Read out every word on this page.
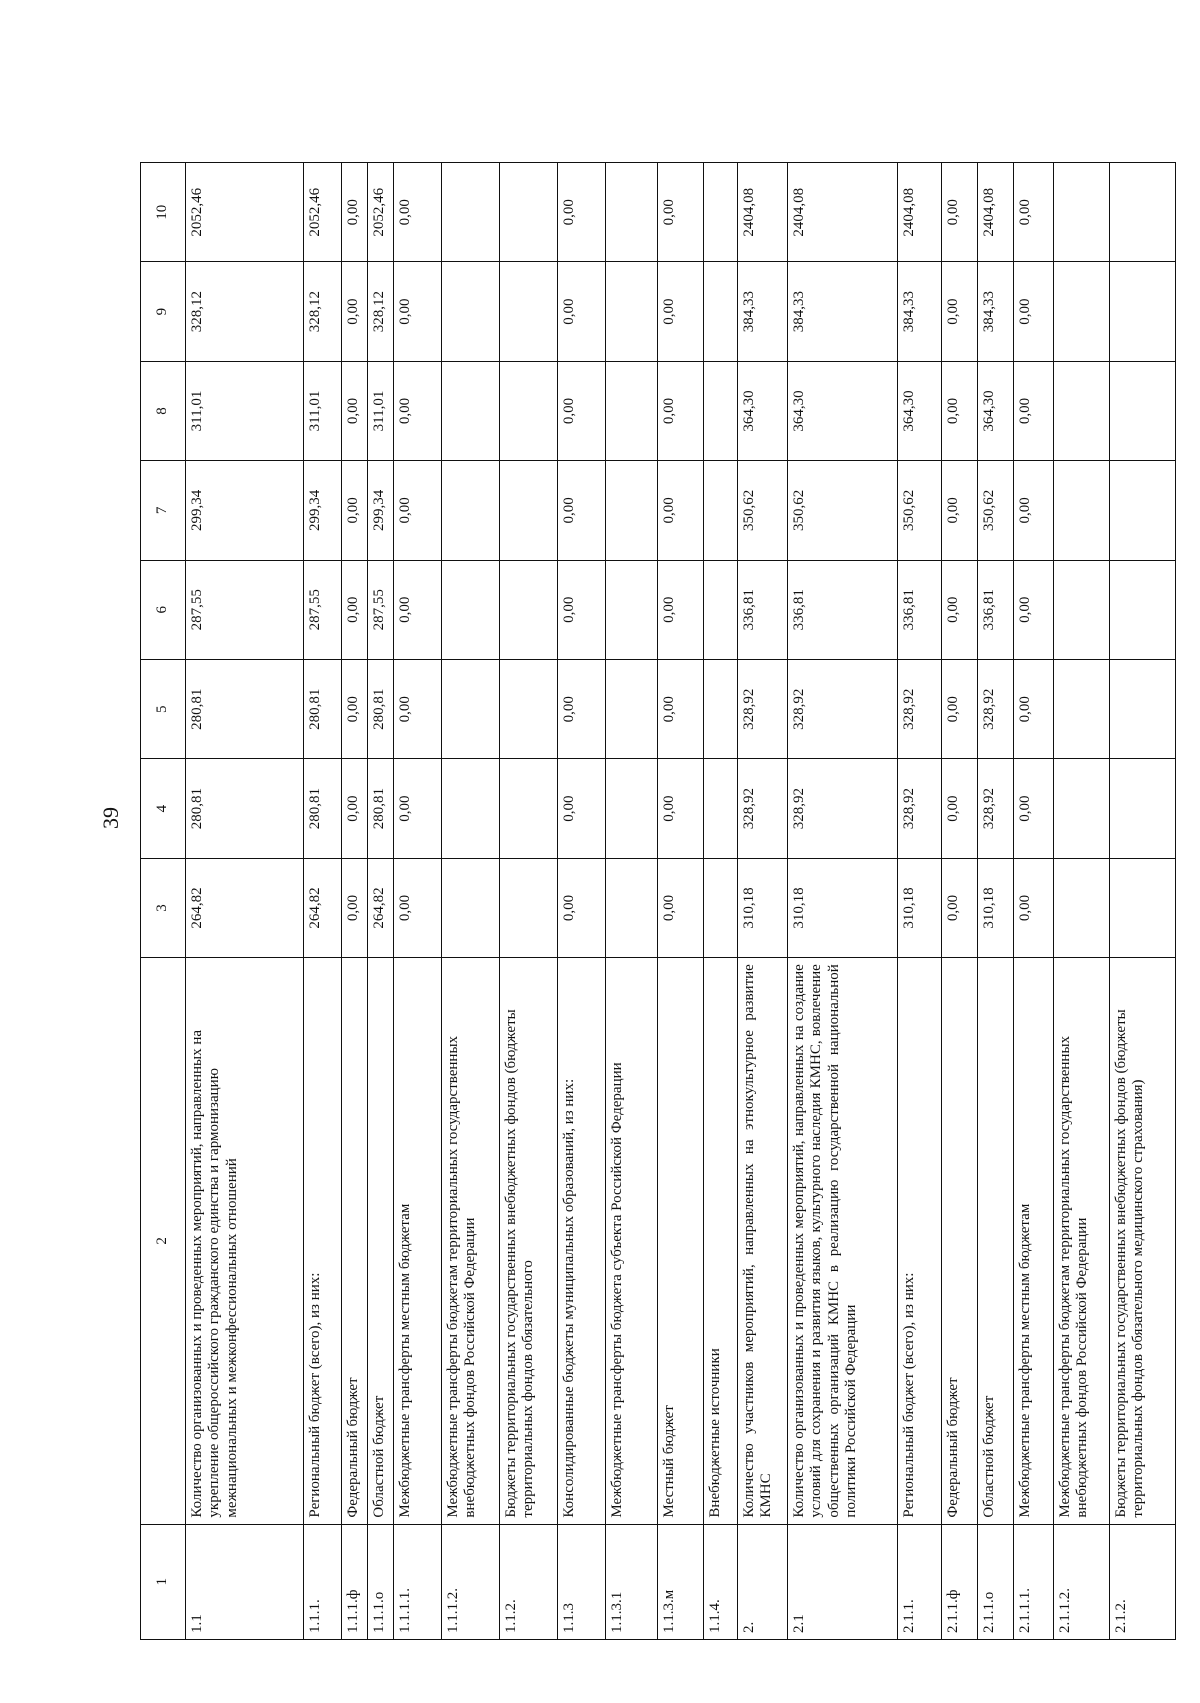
39
1	2	3	4	5	6	7	8	9	10
1.1	Количество организованных и проведенных мероприятий, направленных на укрепление общероссийского гражданского единства и гармонизацию межнациональных и межконфессиональных отношений	264,82	280,81	280,81	287,55	299,34	311,01	328,12	2052,46
1.1.1.	Региональный бюджет (всего), из них:	264,82	280,81	280,81	287,55	299,34	311,01	328,12	2052,46
1.1.1.ф	Федеральный бюджет	0,00	0,00	0,00	0,00	0,00	0,00	0,00	0,00
1.1.1.о	Областной бюджет	264,82	280,81	280,81	287,55	299,34	311,01	328,12	2052,46
1.1.1.1.	Межбюджетные трансферты местным бюджетам	0,00	0,00	0,00	0,00	0,00	0,00	0,00	0,00
1.1.1.2.	Межбюджетные трансферты бюджетам территориальных государственных внебюджетных фондов Российской Федерации								
1.1.2.	Бюджеты территориальных государственных внебюджетных фондов (бюджеты территориальных фондов обязательного								
1.1.3	Консолидированные бюджеты муниципальных образований, из них:	0,00	0,00	0,00	0,00	0,00	0,00	0,00	0,00
1.1.3.1	Межбюджетные трансферты бюджета субъекта Российской Федерации								
1.1.3.м	Местный бюджет	0,00	0,00	0,00	0,00	0,00	0,00	0,00	0,00
1.1.4.	Внебюджетные источники								
2.	Количество участников мероприятий, направленных на этнокультурное развитие КМНС	310,18	328,92	328,92	336,81	350,62	364,30	384,33	2404,08
2.1	Количество организованных и проведенных мероприятий, направленных на создание условий для сохранения и развития языков, культурного наследия КМНС, вовлечение общественных организаций КМНС в реализацию государственной национальной политики Российской Федерации	310,18	328,92	328,92	336,81	350,62	364,30	384,33	2404,08
2.1.1.	Региональный бюджет (всего), из них:	310,18	328,92	328,92	336,81	350,62	364,30	384,33	2404,08
2.1.1.ф	Федеральный бюджет	0,00	0,00	0,00	0,00	0,00	0,00	0,00	0,00
2.1.1.о	Областной бюджет	310,18	328,92	328,92	336,81	350,62	364,30	384,33	2404,08
2.1.1.1.	Межбюджетные трансферты местным бюджетам	0,00	0,00	0,00	0,00	0,00	0,00	0,00	0,00
2.1.1.2.	Межбюджетные трансферты бюджетам территориальных государственных внебюджетных фондов Российской Федерации								
2.1.2.	Бюджеты территориальных государственных внебюджетных фондов (бюджеты территориальных фондов обязательного медицинского страхования)								
